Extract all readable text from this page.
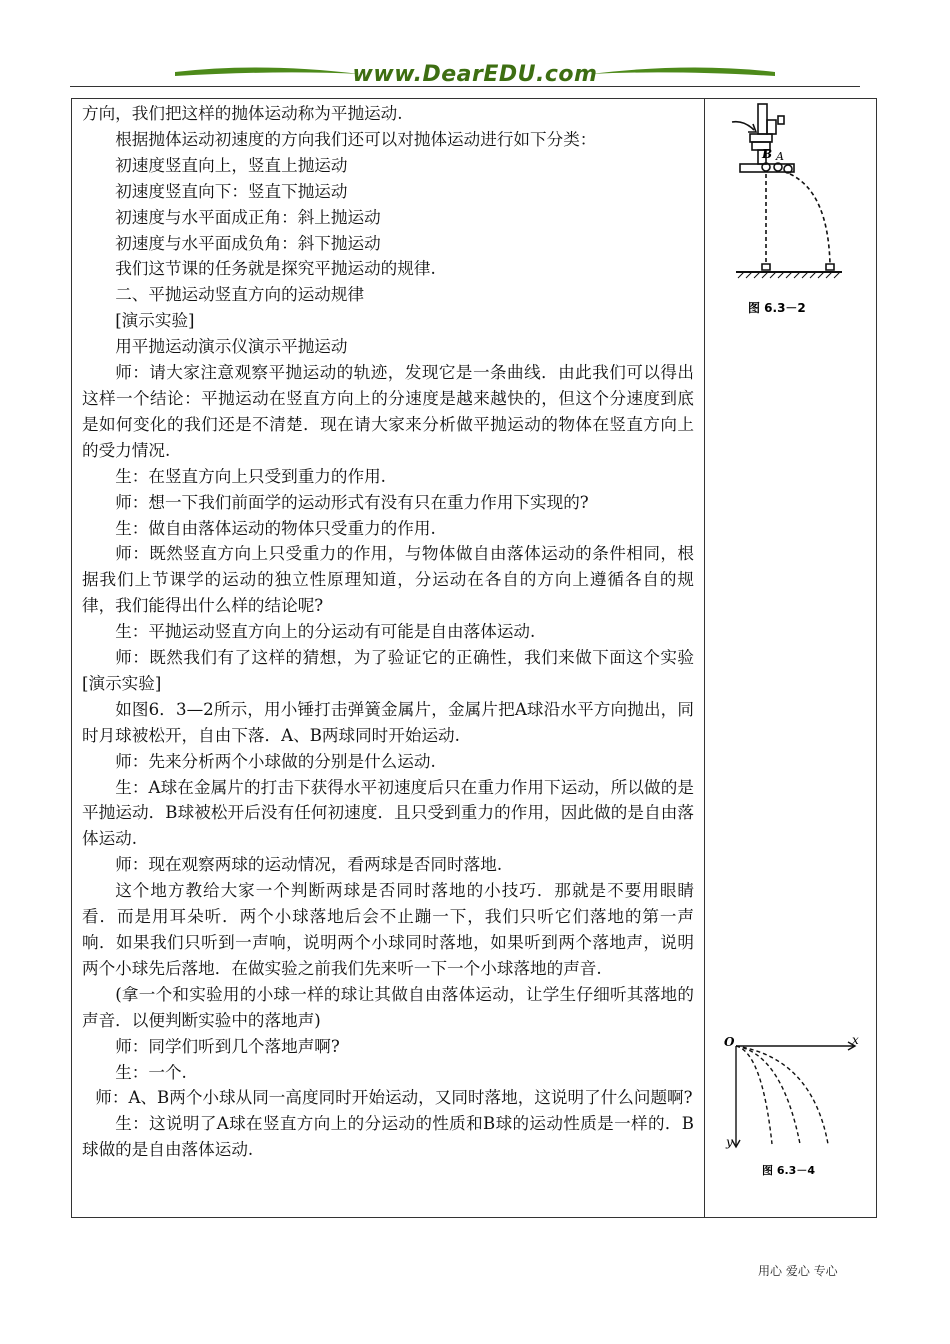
www.DearEDU.com

方向，我们把这样的抛体运动称为平抛运动.

根据抛体运动初速度的方向我们还可以对抛体运动进行如下分类：

初速度竖直向上，竖直上抛运动

初速度竖直向下：竖直下抛运动

初速度与水平面成正角：斜上抛运动

初速度与水平面成负角：斜下抛运动

我们这节课的任务就是探究平抛运动的规律.

二、平抛运动竖直方向的运动规律

[演示实验]

用平抛运动演示仪演示平抛运动

师：请大家注意观察平抛运动的轨迹，发现它是一条曲线．由此我们可以得出这样一个结论：平抛运动在竖直方向上的分速度是越来越快的，但这个分速度到底是如何变化的我们还是不清楚．现在请大家来分析做平抛运动的物体在竖直方向上的受力情况.

生：在竖直方向上只受到重力的作用.

师：想一下我们前面学的运动形式有没有只在重力作用下实现的?

生：做自由落体运动的物体只受重力的作用.

师：既然竖直方向上只受重力的作用，与物体做自由落体运动的条件相同，根据我们上节课学的运动的独立性原理知道，分运动在各自的方向上遵循各自的规律，我们能得出什么样的结论呢?

生：平抛运动竖直方向上的分运动有可能是自由落体运动.

师：既然我们有了这样的猜想，为了验证它的正确性，我们来做下面这个实验　[演示实验]

如图6．3—2所示，用小锤打击弹簧金属片，金属片把A球沿水平方向抛出，同时月球被松开，自由下落．A、B两球同时开始运动.

师：先来分析两个小球做的分别是什么运动.

生：A球在金属片的打击下获得水平初速度后只在重力作用下运动，所以做的是平抛运动．B球被松开后没有任何初速度．且只受到重力的作用，因此做的是自由落体运动.

师：现在观察两球的运动情况，看两球是否同时落地.

这个地方教给大家一个判断两球是否同时落地的小技巧．那就是不要用眼睛看．而是用耳朵听．两个小球落地后会不止蹦一下，我们只听它们落地的第一声响．如果我们只听到一声响，说明两个小球同时落地，如果听到两个落地声，说明两个小球先后落地．在做实验之前我们先来听一下一个小球落地的声音.

(拿一个和实验用的小球一样的球让其做自由落体运动，让学生仔细听其落地的声音．以便判断实验中的落地声)

师：同学们听到几个落地声啊?

生：一个.

师：A、B两个小球从同一高度同时开始运动，又同时落地，这说明了什么问题啊?

生：这说明了A球在竖直方向上的分运动的性质和B球的运动性质是一样的．B球做的是自由落体运动.

B A
图 6.3－2
O	x
y
图 6.3－4
用心 爱心 专心
